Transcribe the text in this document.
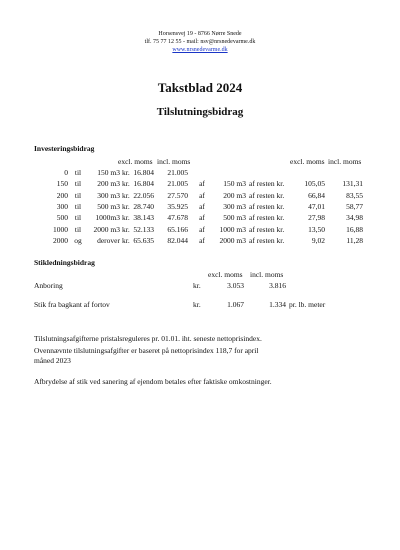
Horsensvej 19 - 8766 Nørre Snede
tlf. 75 77 12 55 - mail: nsv@nrsnedevarme.dk
www.nrsnedevarme.dk
Takstblad 2024
Tilslutningsbidrag
Investeringsbidrag
excl. moms incl. moms	excl. moms incl. moms
0 til	150 m3 kr. 16.804	21.005
150 til	200 m3 kr. 16.804	21.005	af	150 m3 af resten kr.	105,05	131,31
200 til	300 m3 kr. 22.056	27.570	af	200 m3 af resten kr.	66,84	83,55
300 til	500 m3 kr. 28.740	35.925	af	300 m3 af resten kr.	47,01	58,77
500 til	1000m3 kr. 38.143	47.678	af	500 m3 af resten kr.	27,98	34,98
1000 til	2000 m3 kr. 52.133	65.166	af	1000 m3 af resten kr.	13,50	16,88
2000 og	derover kr. 65.635	82.044	af	2000 m3 af resten kr.	9,02	11,28
Stikledningsbidrag
excl. moms incl. moms
Anboring	kr.	3.053	3.816
Stik fra bagkant af fortov	kr.	1.067	1.334 pr. lb. meter
Tilslutningsafgifterne pristalsreguleres pr. 01.01. iht. seneste nettoprisindex.
Ovennævnte tilslutningsafgifter er baseret på nettoprisindex 118,7 for april
måned 2023
Afbrydelse af stik ved sanering af ejendom betales efter faktiske omkostninger.
